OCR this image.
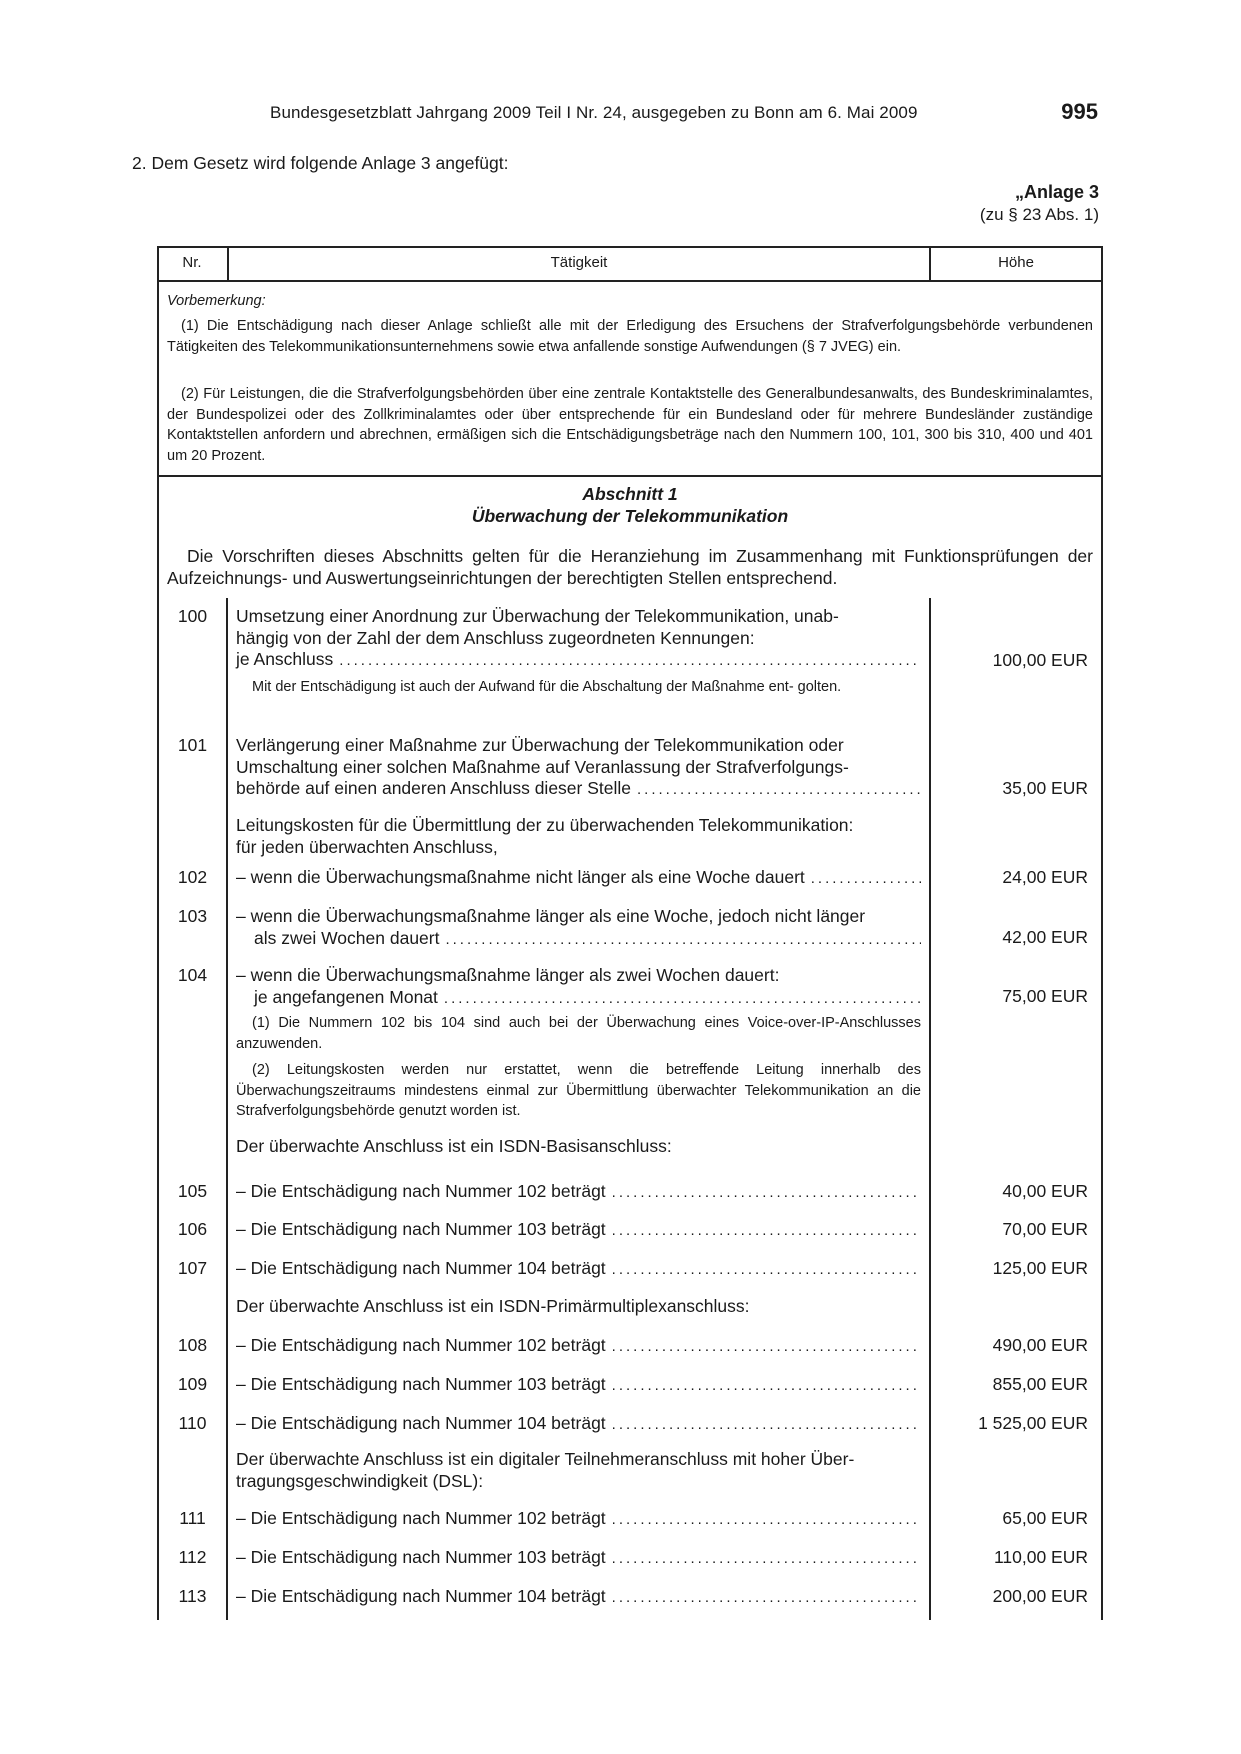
Bundesgesetzblatt Jahrgang 2009 Teil I Nr. 24, ausgegeben zu Bonn am 6. Mai 2009	995
2. Dem Gesetz wird folgende Anlage 3 angefügt:
„Anlage 3
(zu § 23 Abs. 1)
Nr.	Tätigkeit	Höhe
Vorbemerkung:
(1) Die Entschädigung nach dieser Anlage schließt alle mit der Erledigung des Ersuchens der Strafverfolgungsbehörde verbundenen Tätigkeiten des Telekommunikationsunternehmens sowie etwa anfallende sonstige Aufwendungen (§ 7 JVEG) ein.
(2) Für Leistungen, die die Strafverfolgungsbehörden über eine zentrale Kontaktstelle des Generalbundesanwalts, des Bundeskriminalamtes, der Bundespolizei oder des Zollkriminalamtes oder über entsprechende für ein Bundesland oder für mehrere Bundesländer zuständige Kontaktstellen anfordern und abrechnen, ermäßigen sich die Entschädigungsbeträge nach den Nummern 100, 101, 300 bis 310, 400 und 401 um 20 Prozent.
Abschnitt 1
Überwachung der Telekommunikation
Die Vorschriften dieses Abschnitts gelten für die Heranziehung im Zusammenhang mit Funktionsprüfungen der Aufzeichnungs- und Auswertungseinrichtungen der berechtigten Stellen entsprechend.
100	Umsetzung einer Anordnung zur Überwachung der Telekommunikation, unab-
hängig von der Zahl der dem Anschluss zugeordneten Kennungen:
je Anschluss .....	100,00 EUR
Mit der Entschädigung ist auch der Aufwand für die Abschaltung der Maßnahme ent- golten.
101	Verlängerung einer Maßnahme zur Überwachung der Telekommunikation oder
Umschaltung einer solchen Maßnahme auf Veranlassung der Strafverfolgungs-
behörde auf einen anderen Anschluss dieser Stelle .....	35,00 EUR
Leitungskosten für die Übermittlung der zu überwachenden Telekommunikation:
für jeden überwachten Anschluss,
102	– wenn die Überwachungsmaßnahme nicht länger als eine Woche dauert .....	24,00 EUR
103	– wenn die Überwachungsmaßnahme länger als eine Woche, jedoch nicht länger
als zwei Wochen dauert .....	42,00 EUR
104	– wenn die Überwachungsmaßnahme länger als zwei Wochen dauert:
je angefangenen Monat .....	75,00 EUR
(1) Die Nummern 102 bis 104 sind auch bei der Überwachung eines Voice-over-IP-Anschlusses anzuwenden.
(2) Leitungskosten werden nur erstattet, wenn die betreffende Leitung innerhalb des Überwachungszeitraums mindestens einmal zur Übermittlung überwachter Telekommunikation an die Strafverfolgungsbehörde genutzt worden ist.
Der überwachte Anschluss ist ein ISDN-Basisanschluss:
105	– Die Entschädigung nach Nummer 102 beträgt .....	40,00 EUR
106	– Die Entschädigung nach Nummer 103 beträgt .....	70,00 EUR
107	– Die Entschädigung nach Nummer 104 beträgt .....	125,00 EUR
Der überwachte Anschluss ist ein ISDN-Primärmultiplexanschluss:
108	– Die Entschädigung nach Nummer 102 beträgt .....	490,00 EUR
109	– Die Entschädigung nach Nummer 103 beträgt .....	855,00 EUR
110	– Die Entschädigung nach Nummer 104 beträgt .....	1 525,00 EUR
Der überwachte Anschluss ist ein digitaler Teilnehmeranschluss mit hoher Über-
tragungsgeschwindigkeit (DSL):
111	– Die Entschädigung nach Nummer 102 beträgt .....	65,00 EUR
112	– Die Entschädigung nach Nummer 103 beträgt .....	110,00 EUR
113	– Die Entschädigung nach Nummer 104 beträgt .....	200,00 EUR
